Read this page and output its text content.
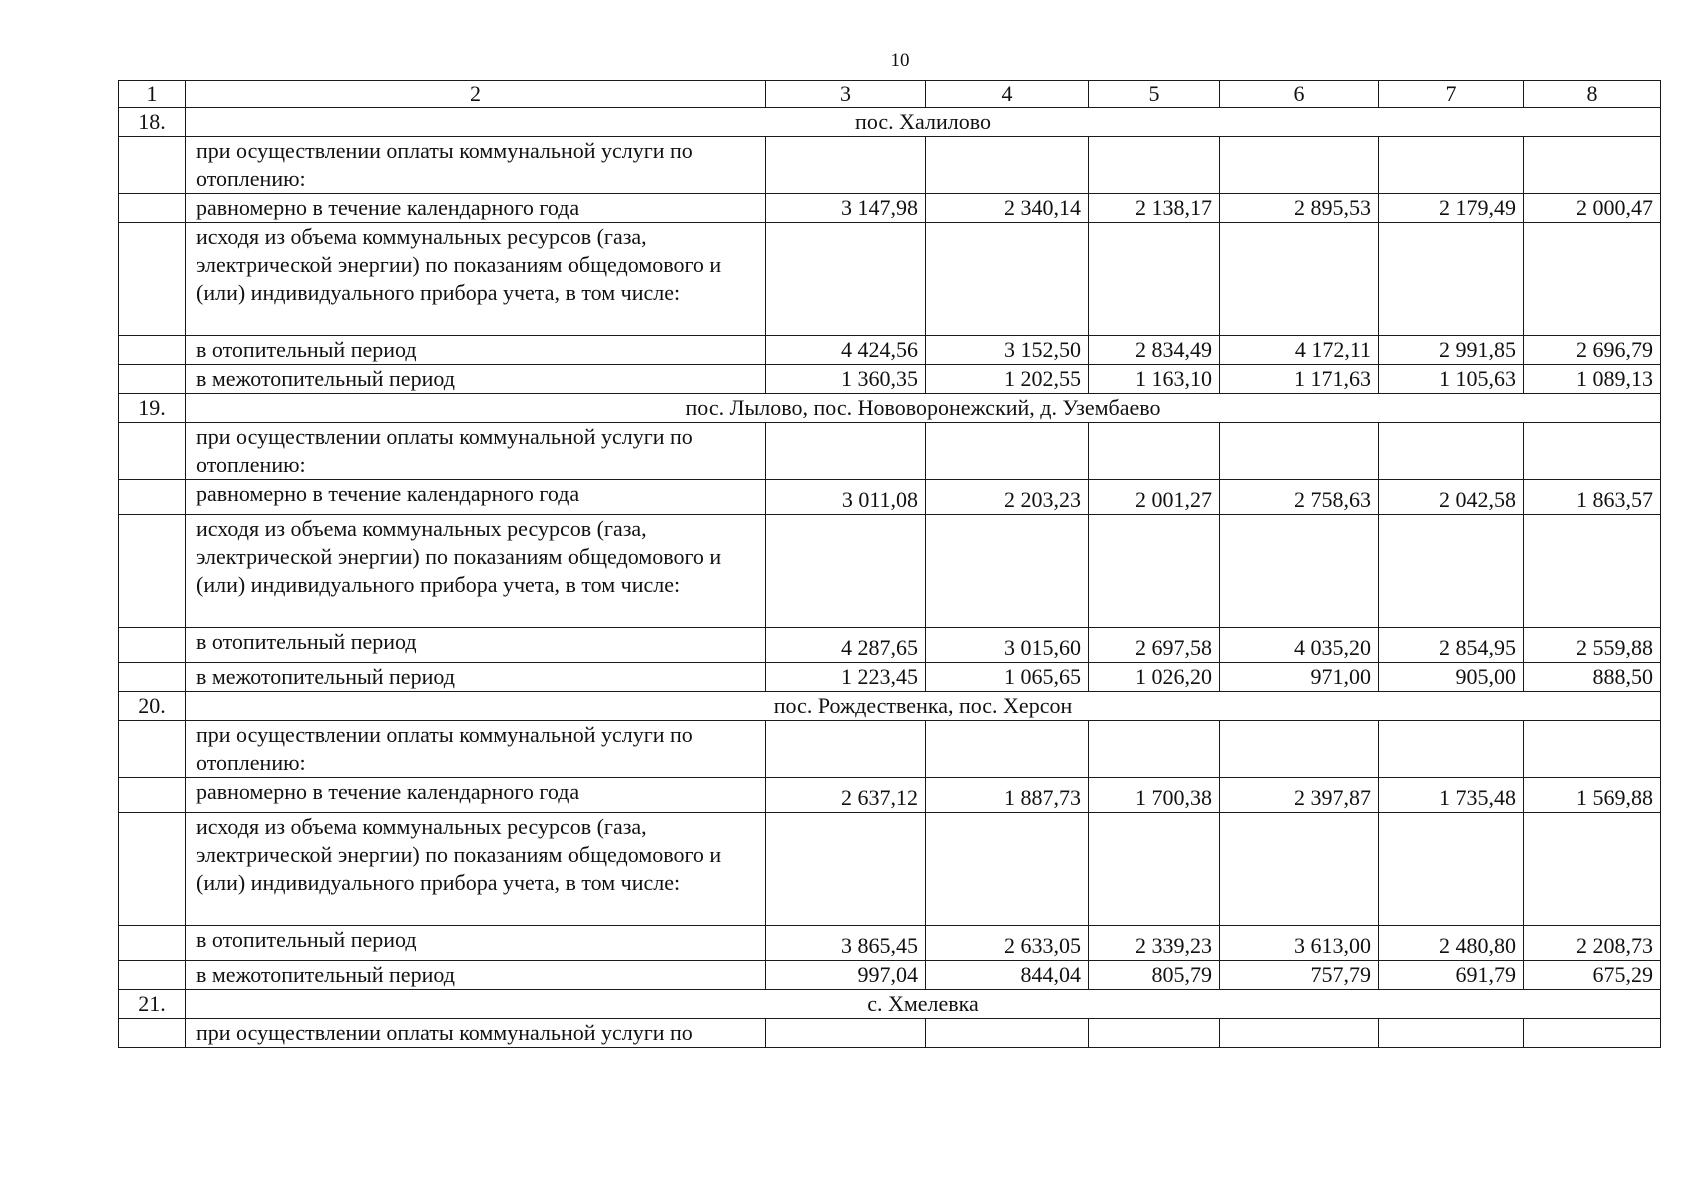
10
1	2	3	4	5	6	7	8
18.	пос. Халилово						
	при осуществлении оплаты коммунальной услуги по отоплению:						
	равномерно в течение календарного года	3 147,98	2 340,14	2 138,17	2 895,53	2 179,49	2 000,47
	исходя из объема коммунальных ресурсов (газа, электрической энергии) по показаниям общедомового и (или) индивидуального прибора учета, в том числе:						
	в отопительный период	4 424,56	3 152,50	2 834,49	4 172,11	2 991,85	2 696,79
	в межотопительный период	1 360,35	1 202,55	1 163,10	1 171,63	1 105,63	1 089,13
19.	пос. Лылово, пос. Нововоронежский, д. Узембаево						
	при осуществлении оплаты коммунальной услуги по отоплению:						
	равномерно в течение календарного года	3 011,08	2 203,23	2 001,27	2 758,63	2 042,58	1 863,57
	исходя из объема коммунальных ресурсов (газа, электрической энергии) по показаниям общедомового и (или) индивидуального прибора учета, в том числе:						
	в отопительный период	4 287,65	3 015,60	2 697,58	4 035,20	2 854,95	2 559,88
	в межотопительный период	1 223,45	1 065,65	1 026,20	971,00	905,00	888,50
20.	пос. Рождественка, пос. Херсон						
	при осуществлении оплаты коммунальной услуги по отоплению:						
	равномерно в течение календарного года	2 637,12	1 887,73	1 700,38	2 397,87	1 735,48	1 569,88
	исходя из объема коммунальных ресурсов (газа, электрической энергии) по показаниям общедомового и (или) индивидуального прибора учета, в том числе:						
	в отопительный период	3 865,45	2 633,05	2 339,23	3 613,00	2 480,80	2 208,73
	в межотопительный период	997,04	844,04	805,79	757,79	691,79	675,29
21.	с. Хмелевка						
	при осуществлении оплаты коммунальной услуги по						
